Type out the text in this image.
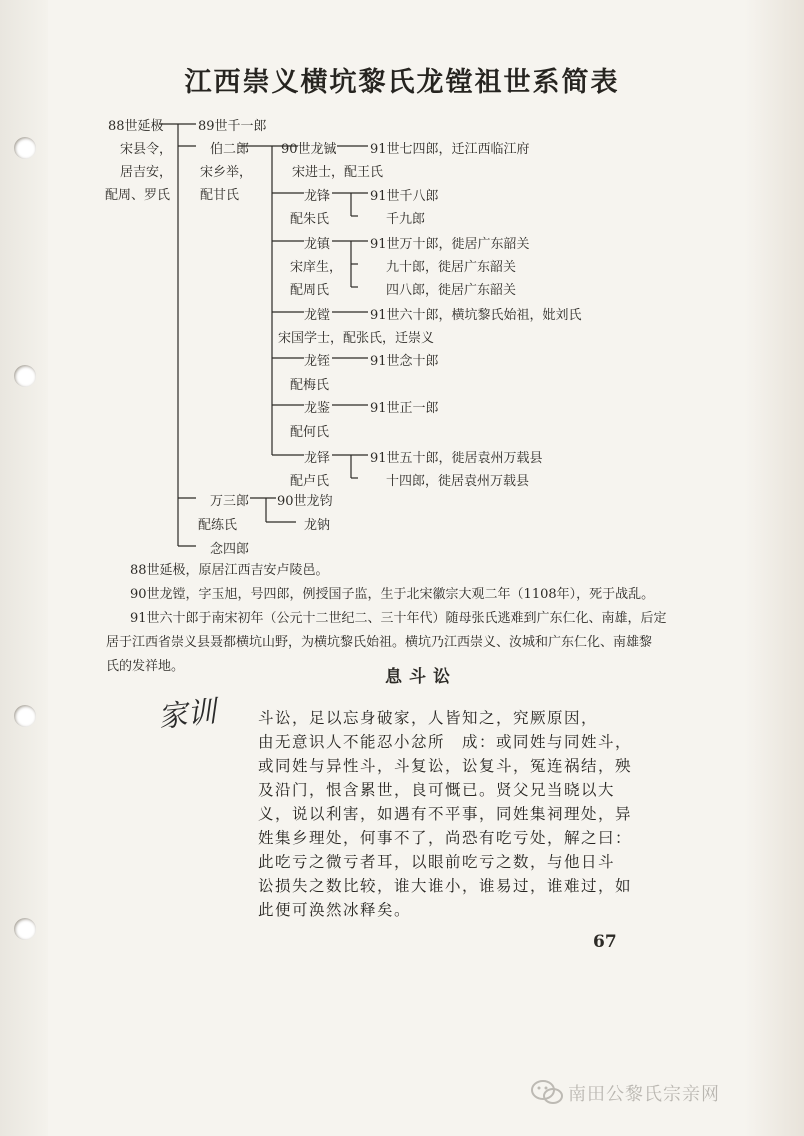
江西崇义横坑黎氏龙镗祖世系简表
88世延极
宋县令，
居吉安，
配周、罗氏
89世千一郎
伯二郎
宋乡举，
配甘氏
万三郎
配练氏
念四郎
90世龙铖	91世七四郎，迁江西临江府
宋进士，配王氏
龙锋	91世千八郎
配朱氏	千九郎
龙镇	91世万十郎，徙居广东韶关
宋庠生，	九十郎，徙居广东韶关
配周氏	四八郎，徙居广东韶关
龙镗	91世六十郎，横坑黎氏始祖，妣刘氏
宋国学士，配张氏，迁崇义
龙铚	91世念十郎
配梅氏
龙鉴	91世正一郎
配何氏
龙铎	91世五十郎，徙居袁州万载县
配卢氏	十四郎，徙居袁州万载县
90世龙钧
龙钠
88世延极，原居江西吉安卢陵邑。
90世龙镗，字玉旭，号四郎，例授国子监，生于北宋徽宗大观二年（1108年），死于战乱。
91世六十郎于南宋初年（公元十二世纪二、三十年代）随母张氏逃难到广东仁化、南雄，后定
居于江西省崇义县聂都横坑山野，为横坑黎氏始祖。横坑乃江西崇义、汝城和广东仁化、南雄黎
氏的发祥地。
息斗讼
家训	斗讼，足以忘身破家，人皆知之，究厥原因，

由无意识人不能忍小忿所　成：或同姓与同姓斗，

或同姓与异性斗，斗复讼，讼复斗，冤连祸结，殃

及沿门，恨含累世，良可慨已。贤父兄当晓以大

义，说以利害，如遇有不平事，同姓集祠理处，异

姓集乡理处，何事不了，尚恐有吃亏处，解之曰：

此吃亏之微亏者耳，以眼前吃亏之数，与他日斗

讼损失之数比较，谁大谁小，谁易过，谁难过，如

此便可涣然冰释矣。

67
南田公黎氏宗亲网
